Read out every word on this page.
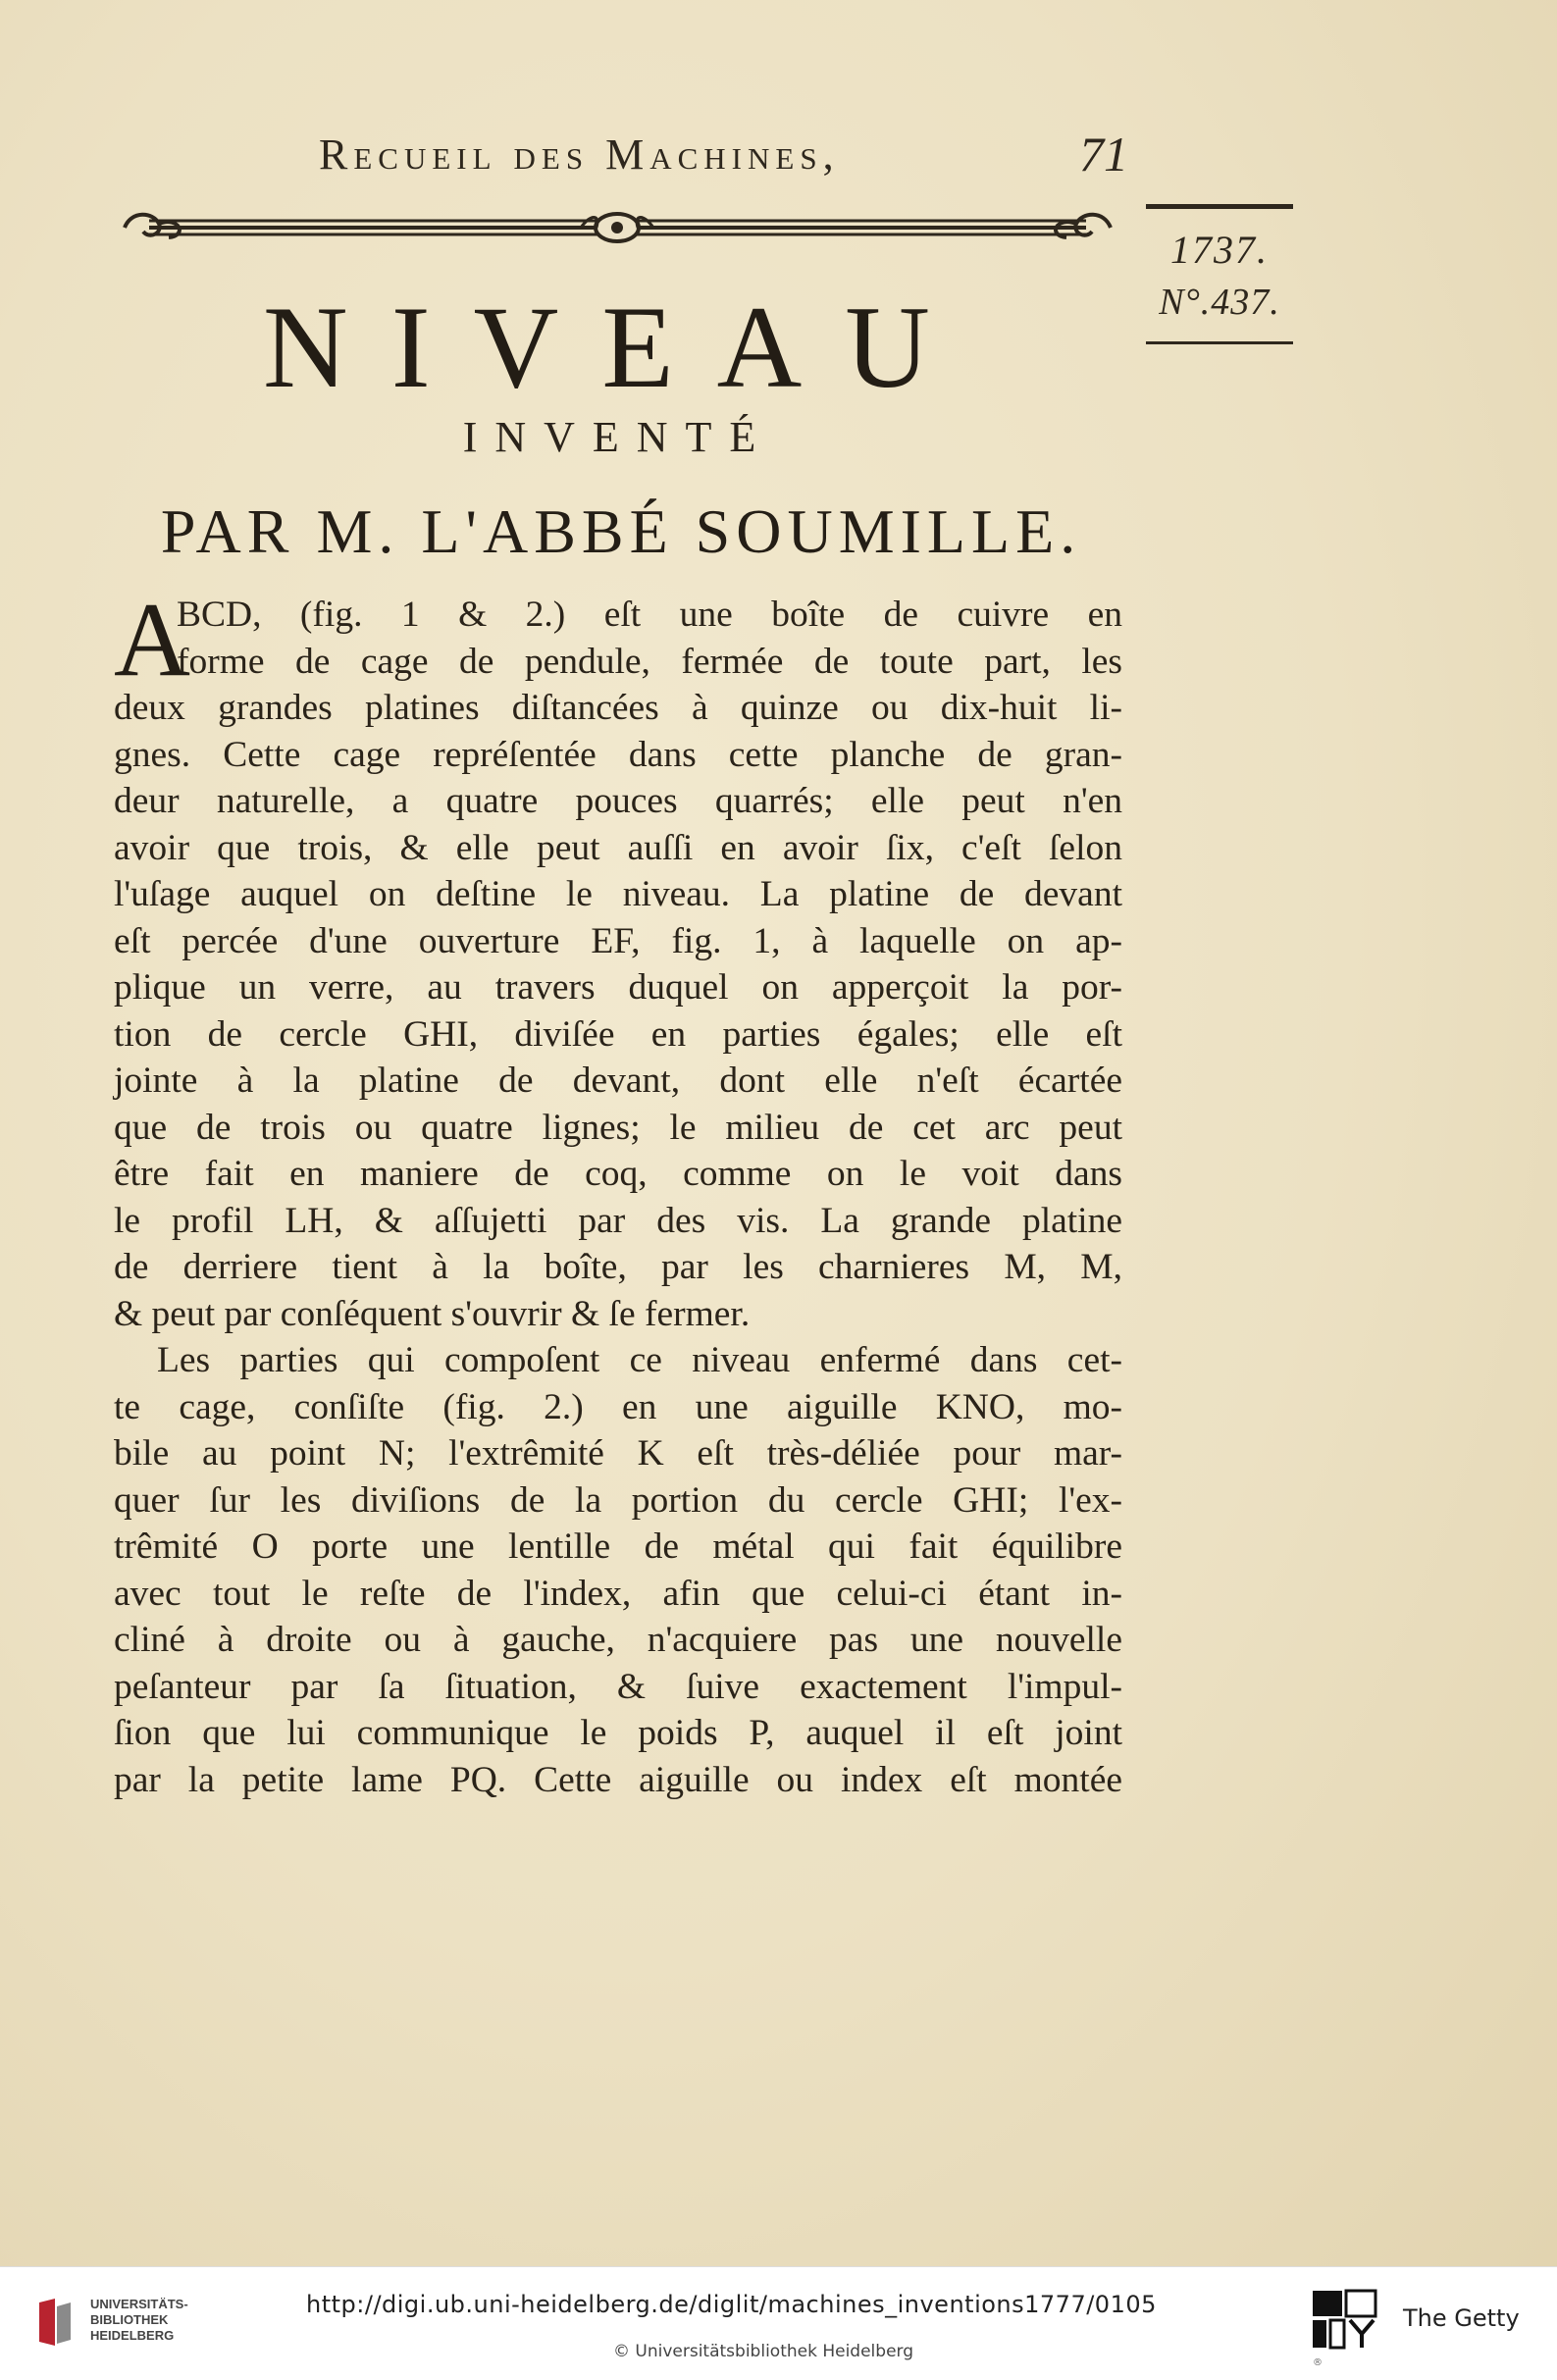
Recueil des Machines,	71
1737.
N°.437.
NIVEAU
INVENTÉ
PAR M. L'ABBÉ SOUMILLE.
A
BCD, (fig. 1 & 2.) eſt une boîte de cuivre en
forme de cage de pendule, fermée de toute part, les
deux grandes platines diſtancées à quinze ou dix-huit li-
gnes. Cette cage repréſentée dans cette planche de gran-
deur naturelle, a quatre pouces quarrés; elle peut n'en
avoir que trois, & elle peut auſſi en avoir ſix, c'eſt ſelon
l'uſage auquel on deſtine le niveau. La platine de devant
eſt percée d'une ouverture EF, fig. 1, à laquelle on ap-
plique un verre, au travers duquel on apperçoit la por-
tion de cercle GHI, diviſée en parties égales; elle eſt
jointe à la platine de devant, dont elle n'eſt écartée
que de trois ou quatre lignes; le milieu de cet arc peut
être fait en maniere de coq, comme on le voit dans
le profil LH, & aſſujetti par des vis. La grande platine
de derriere tient à la boîte, par les charnieres M, M,
& peut par conſéquent s'ouvrir & ſe fermer.
Les parties qui compoſent ce niveau enfermé dans cet-
te cage, conſiſte (fig. 2.) en une aiguille KNO, mo-
bile au point N; l'extrêmité K eſt très-déliée pour mar-
quer ſur les diviſions de la portion du cercle GHI; l'ex-
trêmité O porte une lentille de métal qui fait équilibre
avec tout le reſte de l'index, afin que celui-ci étant in-
cliné à droite ou à gauche, n'acquiere pas une nouvelle
peſanteur par ſa ſituation, & ſuive exactement l'impul-
ſion que lui communique le poids P, auquel il eſt joint
par la petite lame PQ. Cette aiguille ou index eſt montée
UNIVERSITÄTS-
BIBLIOTHEK
HEIDELBERG
http://digi.ub.uni-heidelberg.de/diglit/machines_inventions1777/0105
© Universitätsbibliothek Heidelberg
The Getty
®
